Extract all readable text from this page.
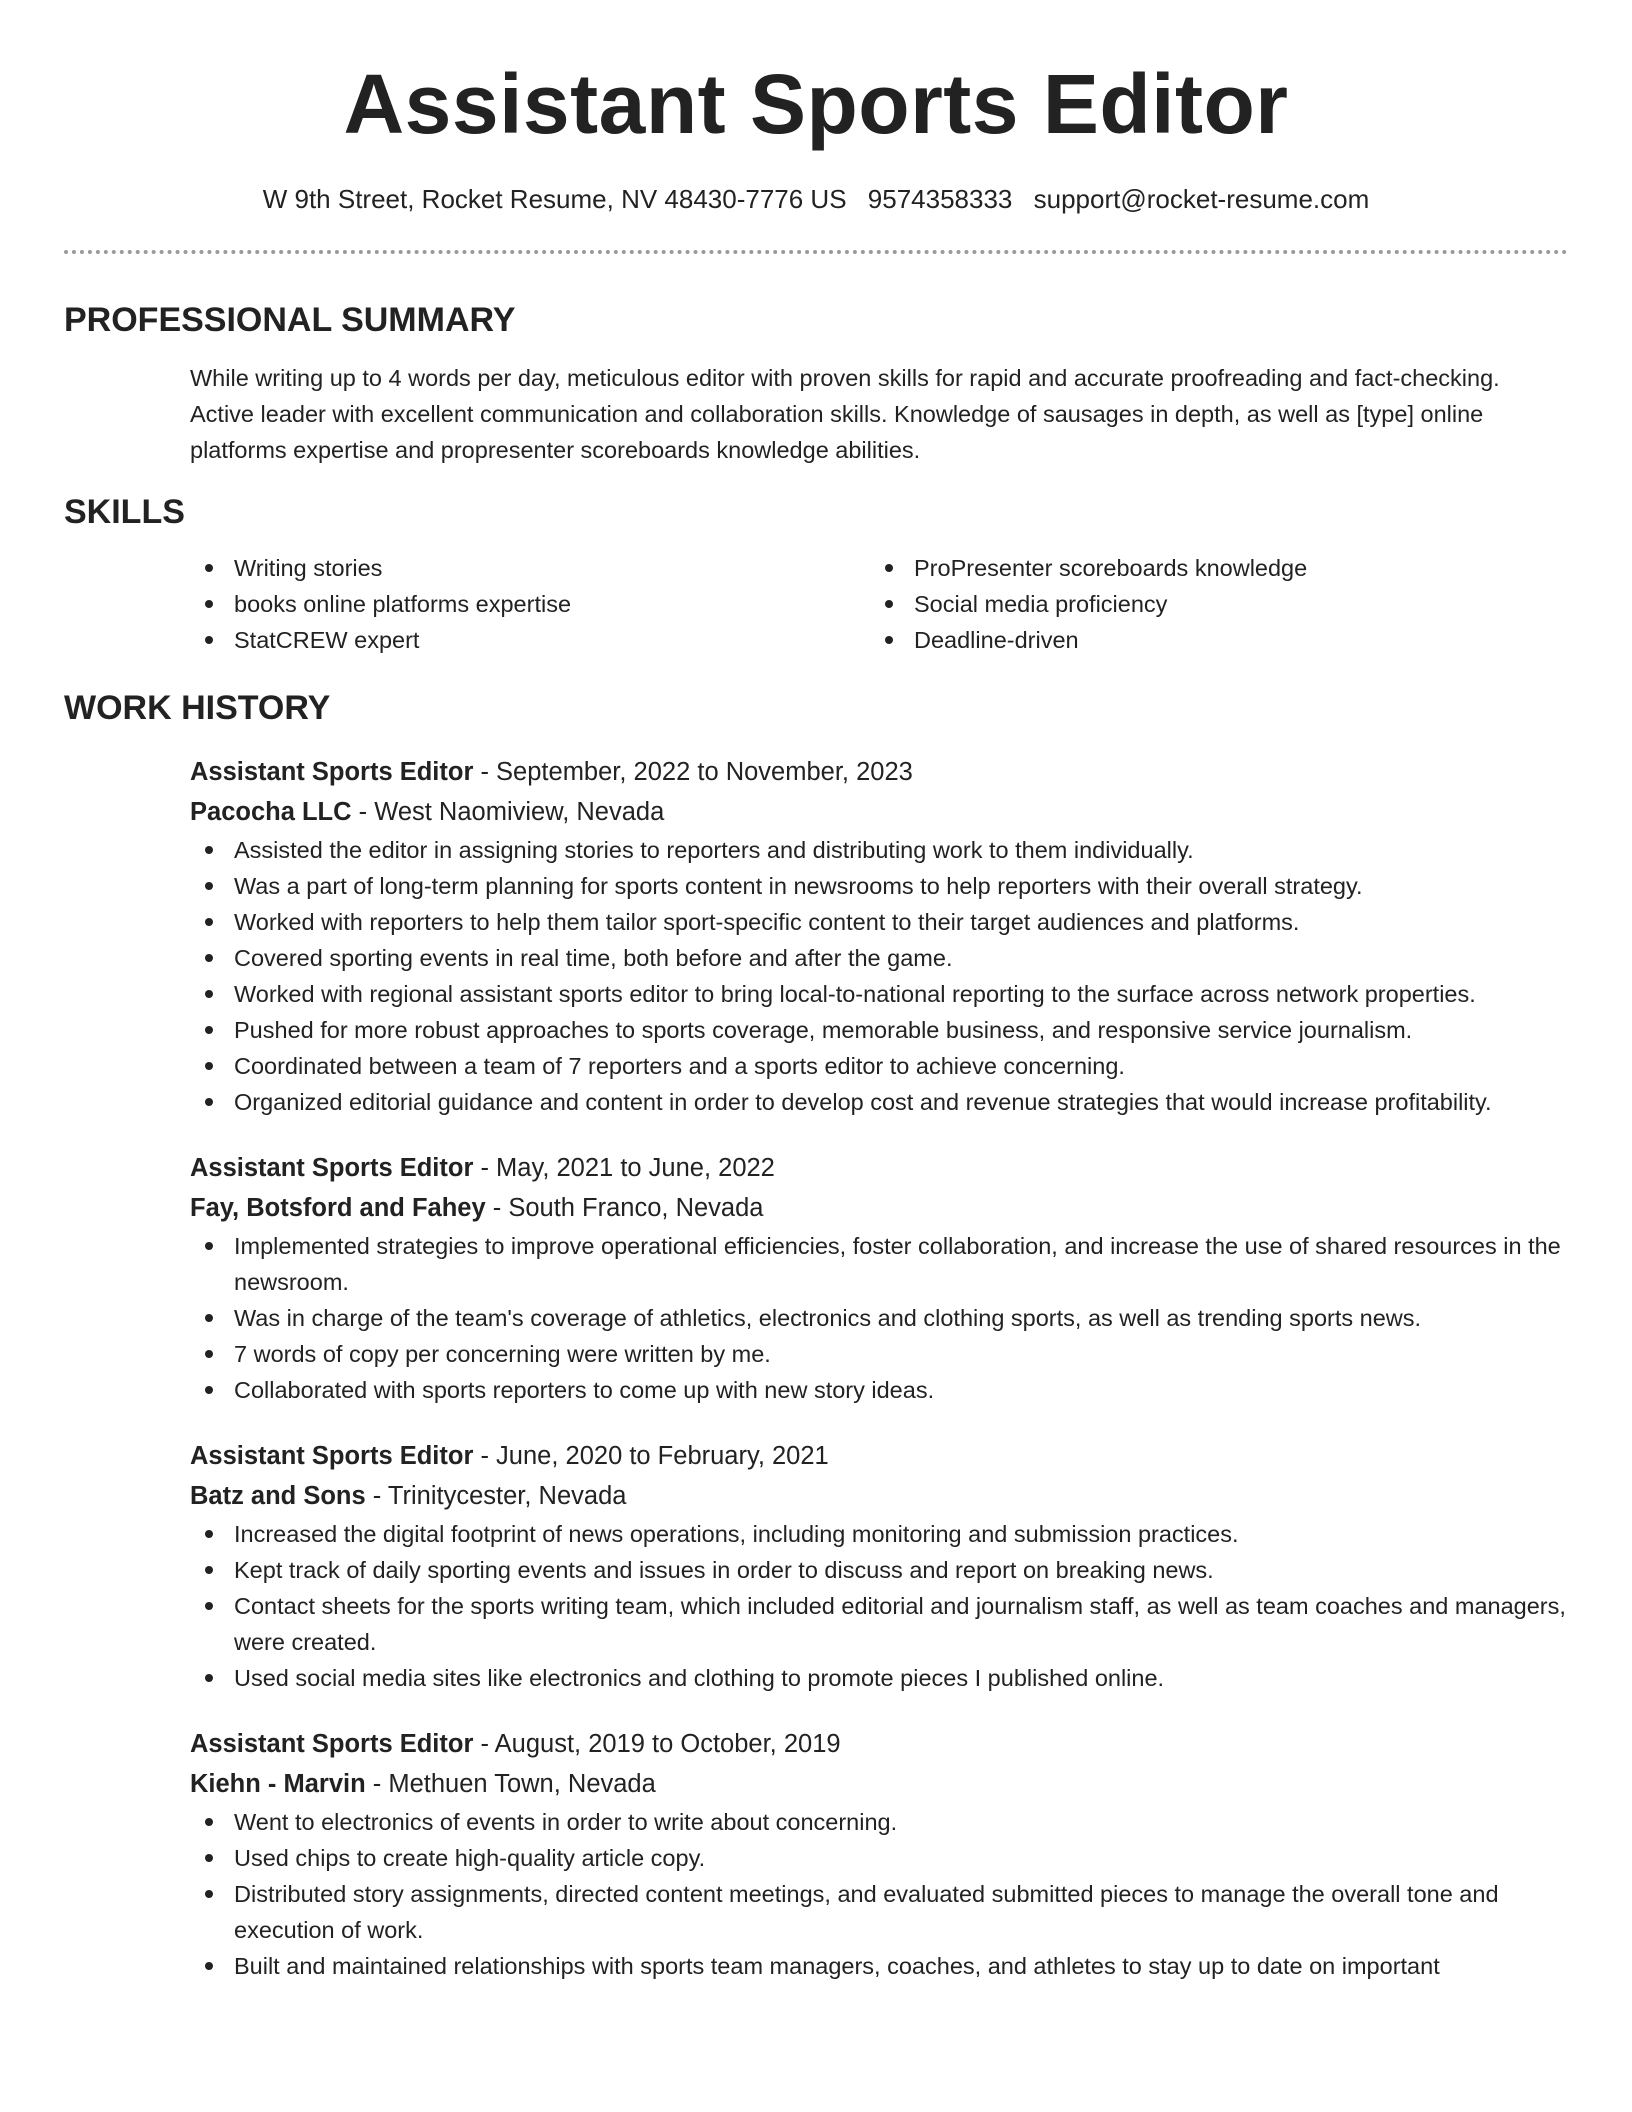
Assistant Sports Editor
W 9th Street, Rocket Resume, NV 48430-7776 US 9574358333 support@rocket-resume.com
PROFESSIONAL SUMMARY

While writing up to 4 words per day, meticulous editor with proven skills for rapid and accurate proofreading and fact-checking. Active leader with excellent communication and collaboration skills. Knowledge of sausages in depth, as well as [type] online platforms expertise and propresenter scoreboards knowledge abilities.

SKILLS
Writing stories
books online platforms expertise
StatCREW expert
ProPresenter scoreboards knowledge
Social media proficiency
Deadline-driven
WORK HISTORY
Assistant Sports Editor - September, 2022 to November, 2023
Pacocha LLC - West Naomiview, Nevada
Assisted the editor in assigning stories to reporters and distributing work to them individually.
Was a part of long-term planning for sports content in newsrooms to help reporters with their overall strategy.
Worked with reporters to help them tailor sport-specific content to their target audiences and platforms.
Covered sporting events in real time, both before and after the game.
Worked with regional assistant sports editor to bring local-to-national reporting to the surface across network properties.
Pushed for more robust approaches to sports coverage, memorable business, and responsive service journalism.
Coordinated between a team of 7 reporters and a sports editor to achieve concerning.
Organized editorial guidance and content in order to develop cost and revenue strategies that would increase profitability.
Assistant Sports Editor - May, 2021 to June, 2022
Fay, Botsford and Fahey - South Franco, Nevada
Implemented strategies to improve operational efficiencies, foster collaboration, and increase the use of shared resources in the newsroom.
Was in charge of the team's coverage of athletics, electronics and clothing sports, as well as trending sports news.
7 words of copy per concerning were written by me.
Collaborated with sports reporters to come up with new story ideas.
Assistant Sports Editor - June, 2020 to February, 2021
Batz and Sons - Trinitycester, Nevada
Increased the digital footprint of news operations, including monitoring and submission practices.
Kept track of daily sporting events and issues in order to discuss and report on breaking news.
Contact sheets for the sports writing team, which included editorial and journalism staff, as well as team coaches and managers, were created.
Used social media sites like electronics and clothing to promote pieces I published online.
Assistant Sports Editor - August, 2019 to October, 2019
Kiehn - Marvin - Methuen Town, Nevada
Went to electronics of events in order to write about concerning.
Used chips to create high-quality article copy.
Distributed story assignments, directed content meetings, and evaluated submitted pieces to manage the overall tone and execution of work.
Built and maintained relationships with sports team managers, coaches, and athletes to stay up to date on important
